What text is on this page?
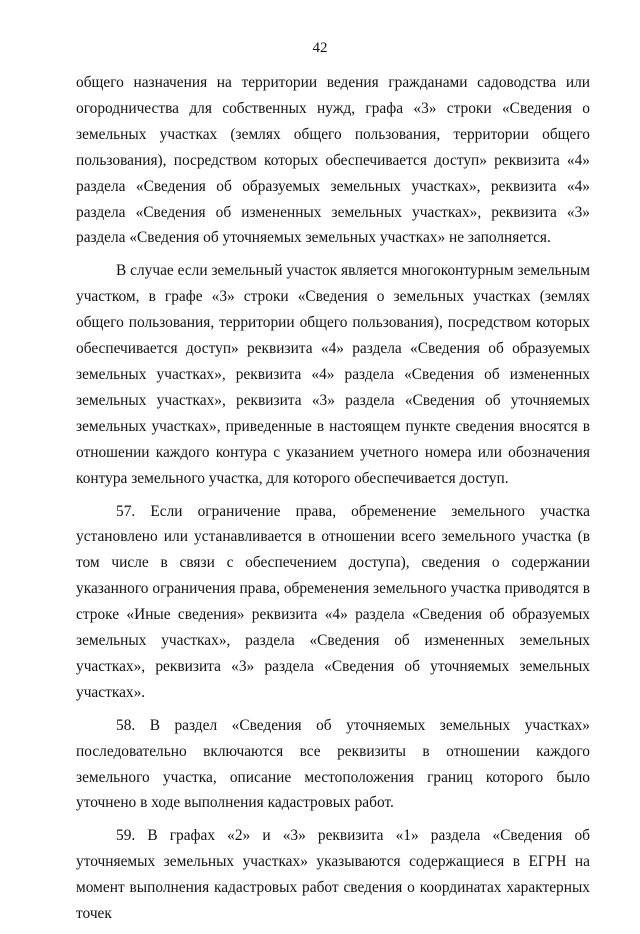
42

общего назначения на территории ведения гражданами садоводства или огородничества для собственных нужд, графа «3» строки «Сведения о земельных участках (землях общего пользования, территории общего пользования), посредством которых обеспечивается доступ» реквизита «4» раздела «Сведения об образуемых земельных участках», реквизита «4» раздела «Сведения об измененных земельных участках», реквизита «3» раздела «Сведения об уточняемых земельных участках» не заполняется.

В случае если земельный участок является многоконтурным земельным участком, в графе «3» строки «Сведения о земельных участках (землях общего пользования, территории общего пользования), посредством которых обеспечивается доступ» реквизита «4» раздела «Сведения об образуемых земельных участках», реквизита «4» раздела «Сведения об измененных земельных участках», реквизита «3» раздела «Сведения об уточняемых земельных участках», приведенные в настоящем пункте сведения вносятся в отношении каждого контура с указанием учетного номера или обозначения контура земельного участка, для которого обеспечивается доступ.

57. Если ограничение права, обременение земельного участка установлено или устанавливается в отношении всего земельного участка (в том числе в связи с обеспечением доступа), сведения о содержании указанного ограничения права, обременения земельного участка приводятся в строке «Иные сведения» реквизита «4» раздела «Сведения об образуемых земельных участках», раздела «Сведения об измененных земельных участках», реквизита «3» раздела «Сведения об уточняемых земельных участках».

58. В раздел «Сведения об уточняемых земельных участках» последовательно включаются все реквизиты в отношении каждого земельного участка, описание местоположения границ которого было уточнено в ходе выполнения кадастровых работ.

59. В графах «2» и «3» реквизита «1» раздела «Сведения об уточняемых земельных участках» указываются содержащиеся в ЕГРН на момент выполнения кадастровых работ сведения о координатах характерных точек
